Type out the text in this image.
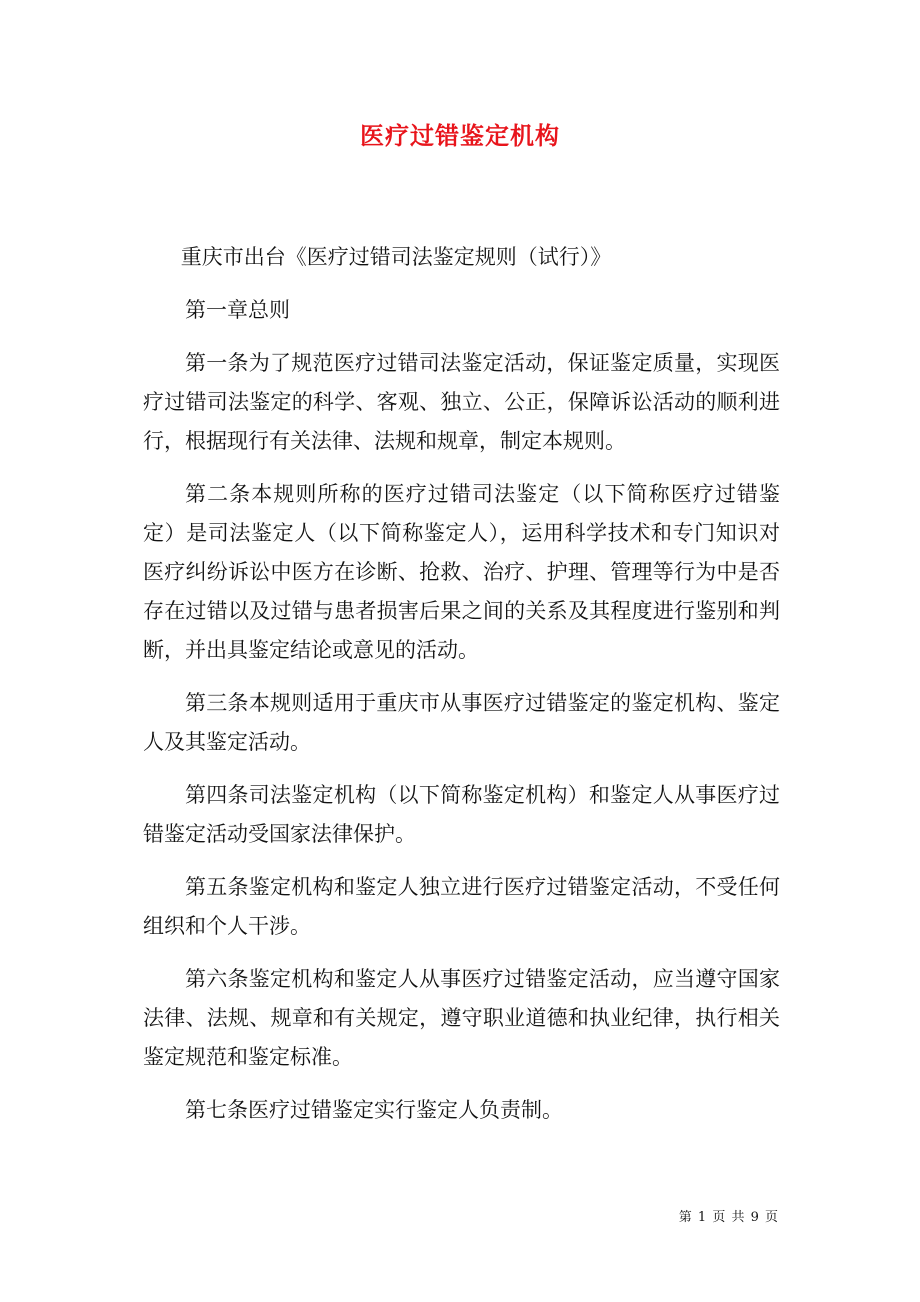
医疗过错鉴定机构

重庆市出台《医疗过错司法鉴定规则（试行）》

第一章总则

第一条为了规范医疗过错司法鉴定活动，保证鉴定质量，实现医疗过错司法鉴定的科学、客观、独立、公正，保障诉讼活动的顺利进行，根据现行有关法律、法规和规章，制定本规则。

第二条本规则所称的医疗过错司法鉴定（以下简称医疗过错鉴定）是司法鉴定人（以下简称鉴定人），运用科学技术和专门知识对医疗纠纷诉讼中医方在诊断、抢救、治疗、护理、管理等行为中是否存在过错以及过错与患者损害后果之间的关系及其程度进行鉴别和判断，并出具鉴定结论或意见的活动。

第三条本规则适用于重庆市从事医疗过错鉴定的鉴定机构、鉴定人及其鉴定活动。

第四条司法鉴定机构（以下简称鉴定机构）和鉴定人从事医疗过错鉴定活动受国家法律保护。

第五条鉴定机构和鉴定人独立进行医疗过错鉴定活动，不受任何组织和个人干涉。

第六条鉴定机构和鉴定人从事医疗过错鉴定活动，应当遵守国家法律、法规、规章和有关规定，遵守职业道德和执业纪律，执行相关鉴定规范和鉴定标准。

第七条医疗过错鉴定实行鉴定人负责制。

第 1 页 共 9 页
